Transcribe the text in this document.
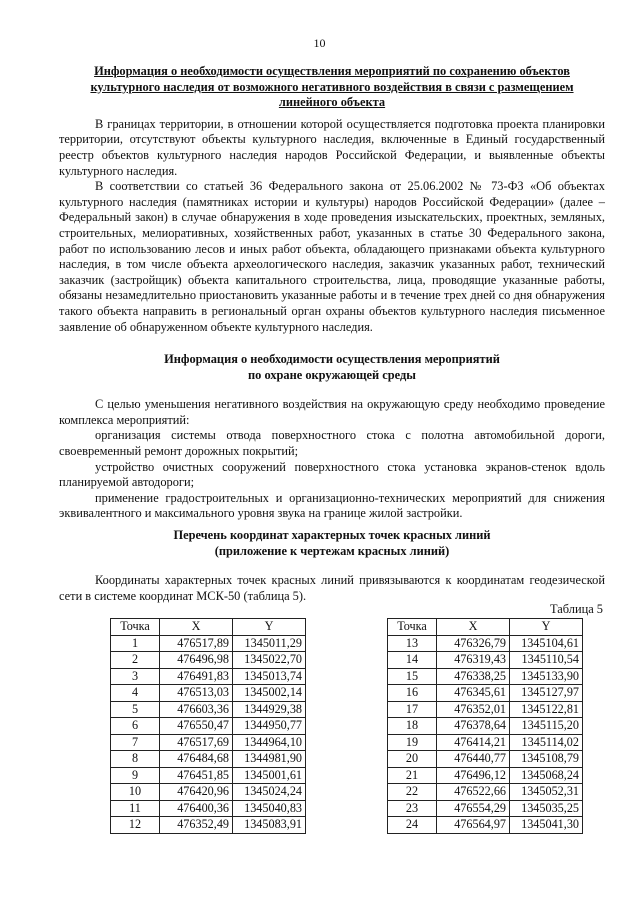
10
Информация о необходимости осуществления мероприятий по сохранению объектов культурного наследия от возможного негативного воздействия в связи с размещением линейного объекта

В границах территории, в отношении которой осуществляется подготовка проекта планировки территории, отсутствуют объекты культурного наследия, включенные в Единый государственный реестр объектов культурного наследия народов Российской Федерации, и выявленные объекты культурного наследия.

В соответствии со статьей 36 Федерального закона от 25.06.2002 № 73-ФЗ «Об объектах культурного наследия (памятниках истории и культуры) народов Российской Федерации» (далее – Федеральный закон) в случае обнаружения в ходе проведения изыскательских, проектных, земляных, строительных, мелиоративных, хозяйственных работ, указанных в статье 30 Федерального закона, работ по использованию лесов и иных работ объекта, обладающего признаками объекта культурного наследия, в том числе объекта археологического наследия, заказчик указанных работ, технический заказчик (застройщик) объекта капитального строительства, лица, проводящие указанные работы, обязаны незамедлительно приостановить указанные работы и в течение трех дней со дня обнаружения такого объекта направить в региональный орган охраны объектов культурного наследия письменное заявление об обнаруженном объекте культурного наследия.

Информация о необходимости осуществления мероприятий
по охране окружающей среды

С целью уменьшения негативного воздействия на окружающую среду необходимо проведение комплекса мероприятий:

организация системы отвода поверхностного стока с полотна автомобильной дороги, своевременный ремонт дорожных покрытий;

устройство очистных сооружений поверхностного стока установка экранов-стенок вдоль планируемой автодороги;

применение градостроительных и организационно-технических мероприятий для снижения эквивалентного и максимального уровня звука на границе жилой застройки.

Перечень координат характерных точек красных линий
(приложение к чертежам красных линий)

Координаты характерных точек красных линий привязываются к координатам геодезической сети в системе координат МСК-50 (таблица 5).

Таблица 5
Точка	X	Y
1	476517,89	1345011,29
2	476496,98	1345022,70
3	476491,83	1345013,74
4	476513,03	1345002,14
5	476603,36	1344929,38
6	476550,47	1344950,77
7	476517,69	1344964,10
8	476484,68	1344981,90
9	476451,85	1345001,61
10	476420,96	1345024,24
11	476400,36	1345040,83
12	476352,49	1345083,91
Точка	X	Y
13	476326,79	1345104,61
14	476319,43	1345110,54
15	476338,25	1345133,90
16	476345,61	1345127,97
17	476352,01	1345122,81
18	476378,64	1345115,20
19	476414,21	1345114,02
20	476440,77	1345108,79
21	476496,12	1345068,24
22	476522,66	1345052,31
23	476554,29	1345035,25
24	476564,97	1345041,30
